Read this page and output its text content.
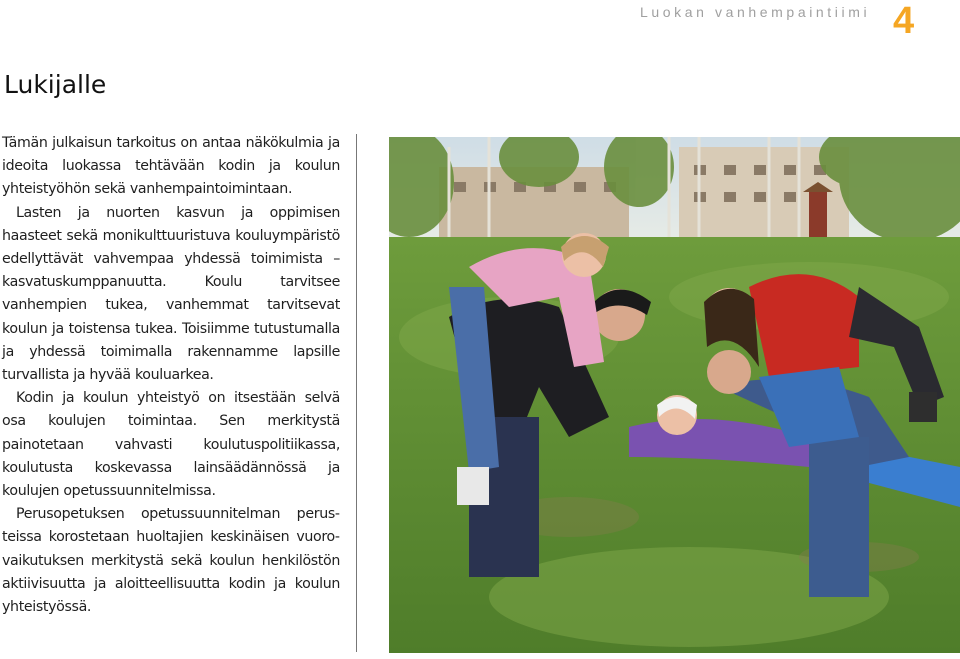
Luokan vanhempaintiimi 4
Lukijalle

Tämän julkaisun tarkoitus on antaa näkökulmia ja ideoita luokassa tehtävään kodin ja koulun yhteistyöhön sekä vanhempaintoimintaan.

Lasten ja nuorten kasvun ja oppimisen haasteet sekä monikulttuuristuva kouluympäristö edellyttävät vahvempaa yhdessä toimimista – kasvatuskumppanuutta. Koulu tarvitsee vanhempien tukea, vanhemmat tarvitsevat koulun ja toistensa tukea. Toisiimme tutustumalla ja yhdessä toimimalla rakennamme lapsille turvallista ja hyvää kouluarkea.

Kodin ja koulun yhteistyö on itsestään selvä osa koulujen toimintaa. Sen merkitystä painotetaan vahvasti koulutuspolitiikassa, koulutusta koskevassa lainsäädännössä ja koulujen opetussuunnitelmissa.

Perusopetuksen opetussuunnitelman perusteissa korostetaan huoltajien keskinäisen vuorovaikutuksen merkitystä sekä koulun henkilöstön aktiivisuutta ja aloitteellisuutta kodin ja koulun yhteistyössä.
